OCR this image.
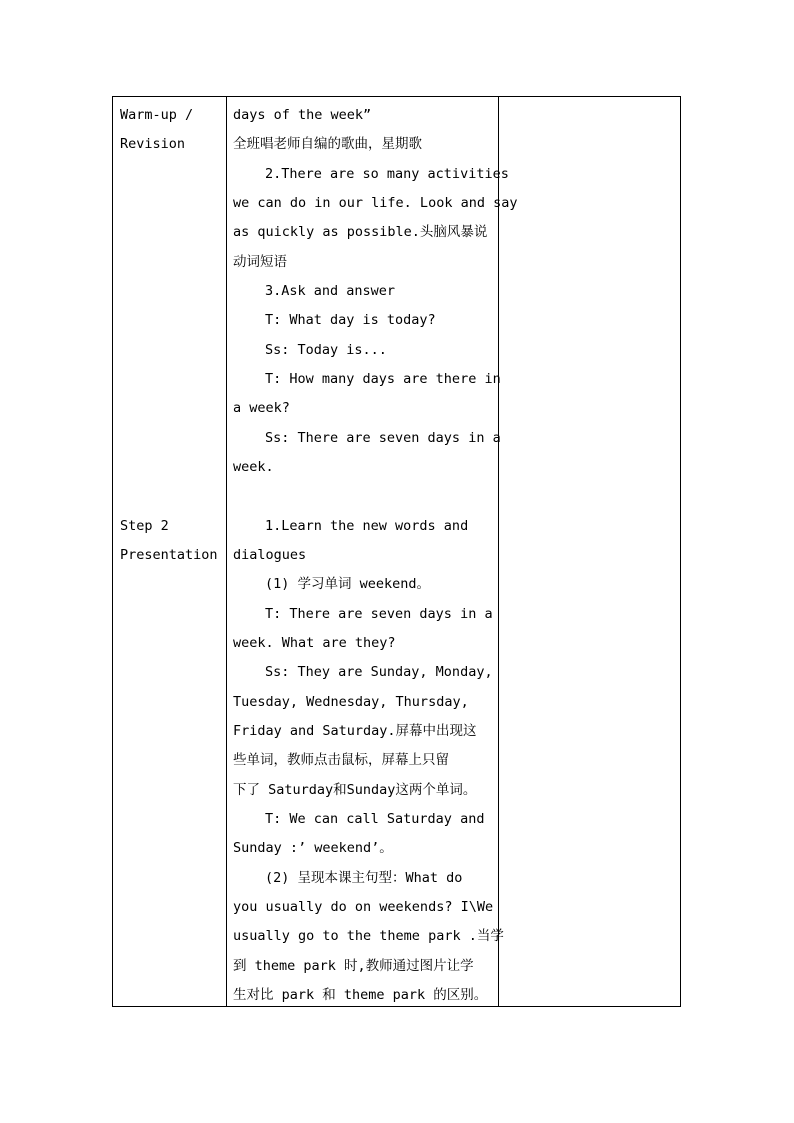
Warm-up /
Revision
Step 2
Presentation
days of the week”
全班唱老师自编的歌曲，星期歌
2.There are so many activities
we can do in our life. Look and say
as quickly as possible.头脑风暴说
动词短语
3.Ask and answer
T: What day is today?
Ss: Today is...
T: How many days are there in
a week?
Ss: There are seven days in a
week.
1.Learn the new words and
dialogues
(1) 学习单词 weekend。
T: There are seven days in a
week. What are they?
Ss: They are Sunday, Monday,
Tuesday, Wednesday, Thursday,
Friday and Saturday.屏幕中出现这
些单词，教师点击鼠标，屏幕上只留
下了 Saturday和Sunday这两个单词。
T: We can call Saturday and
Sunday :’ weekend’。
(2) 呈现本课主句型：What do
you usually do on weekends? I\We
usually go to the theme park .当学
到 theme park 时,教师通过图片让学
生对比 park 和 theme park 的区别。
